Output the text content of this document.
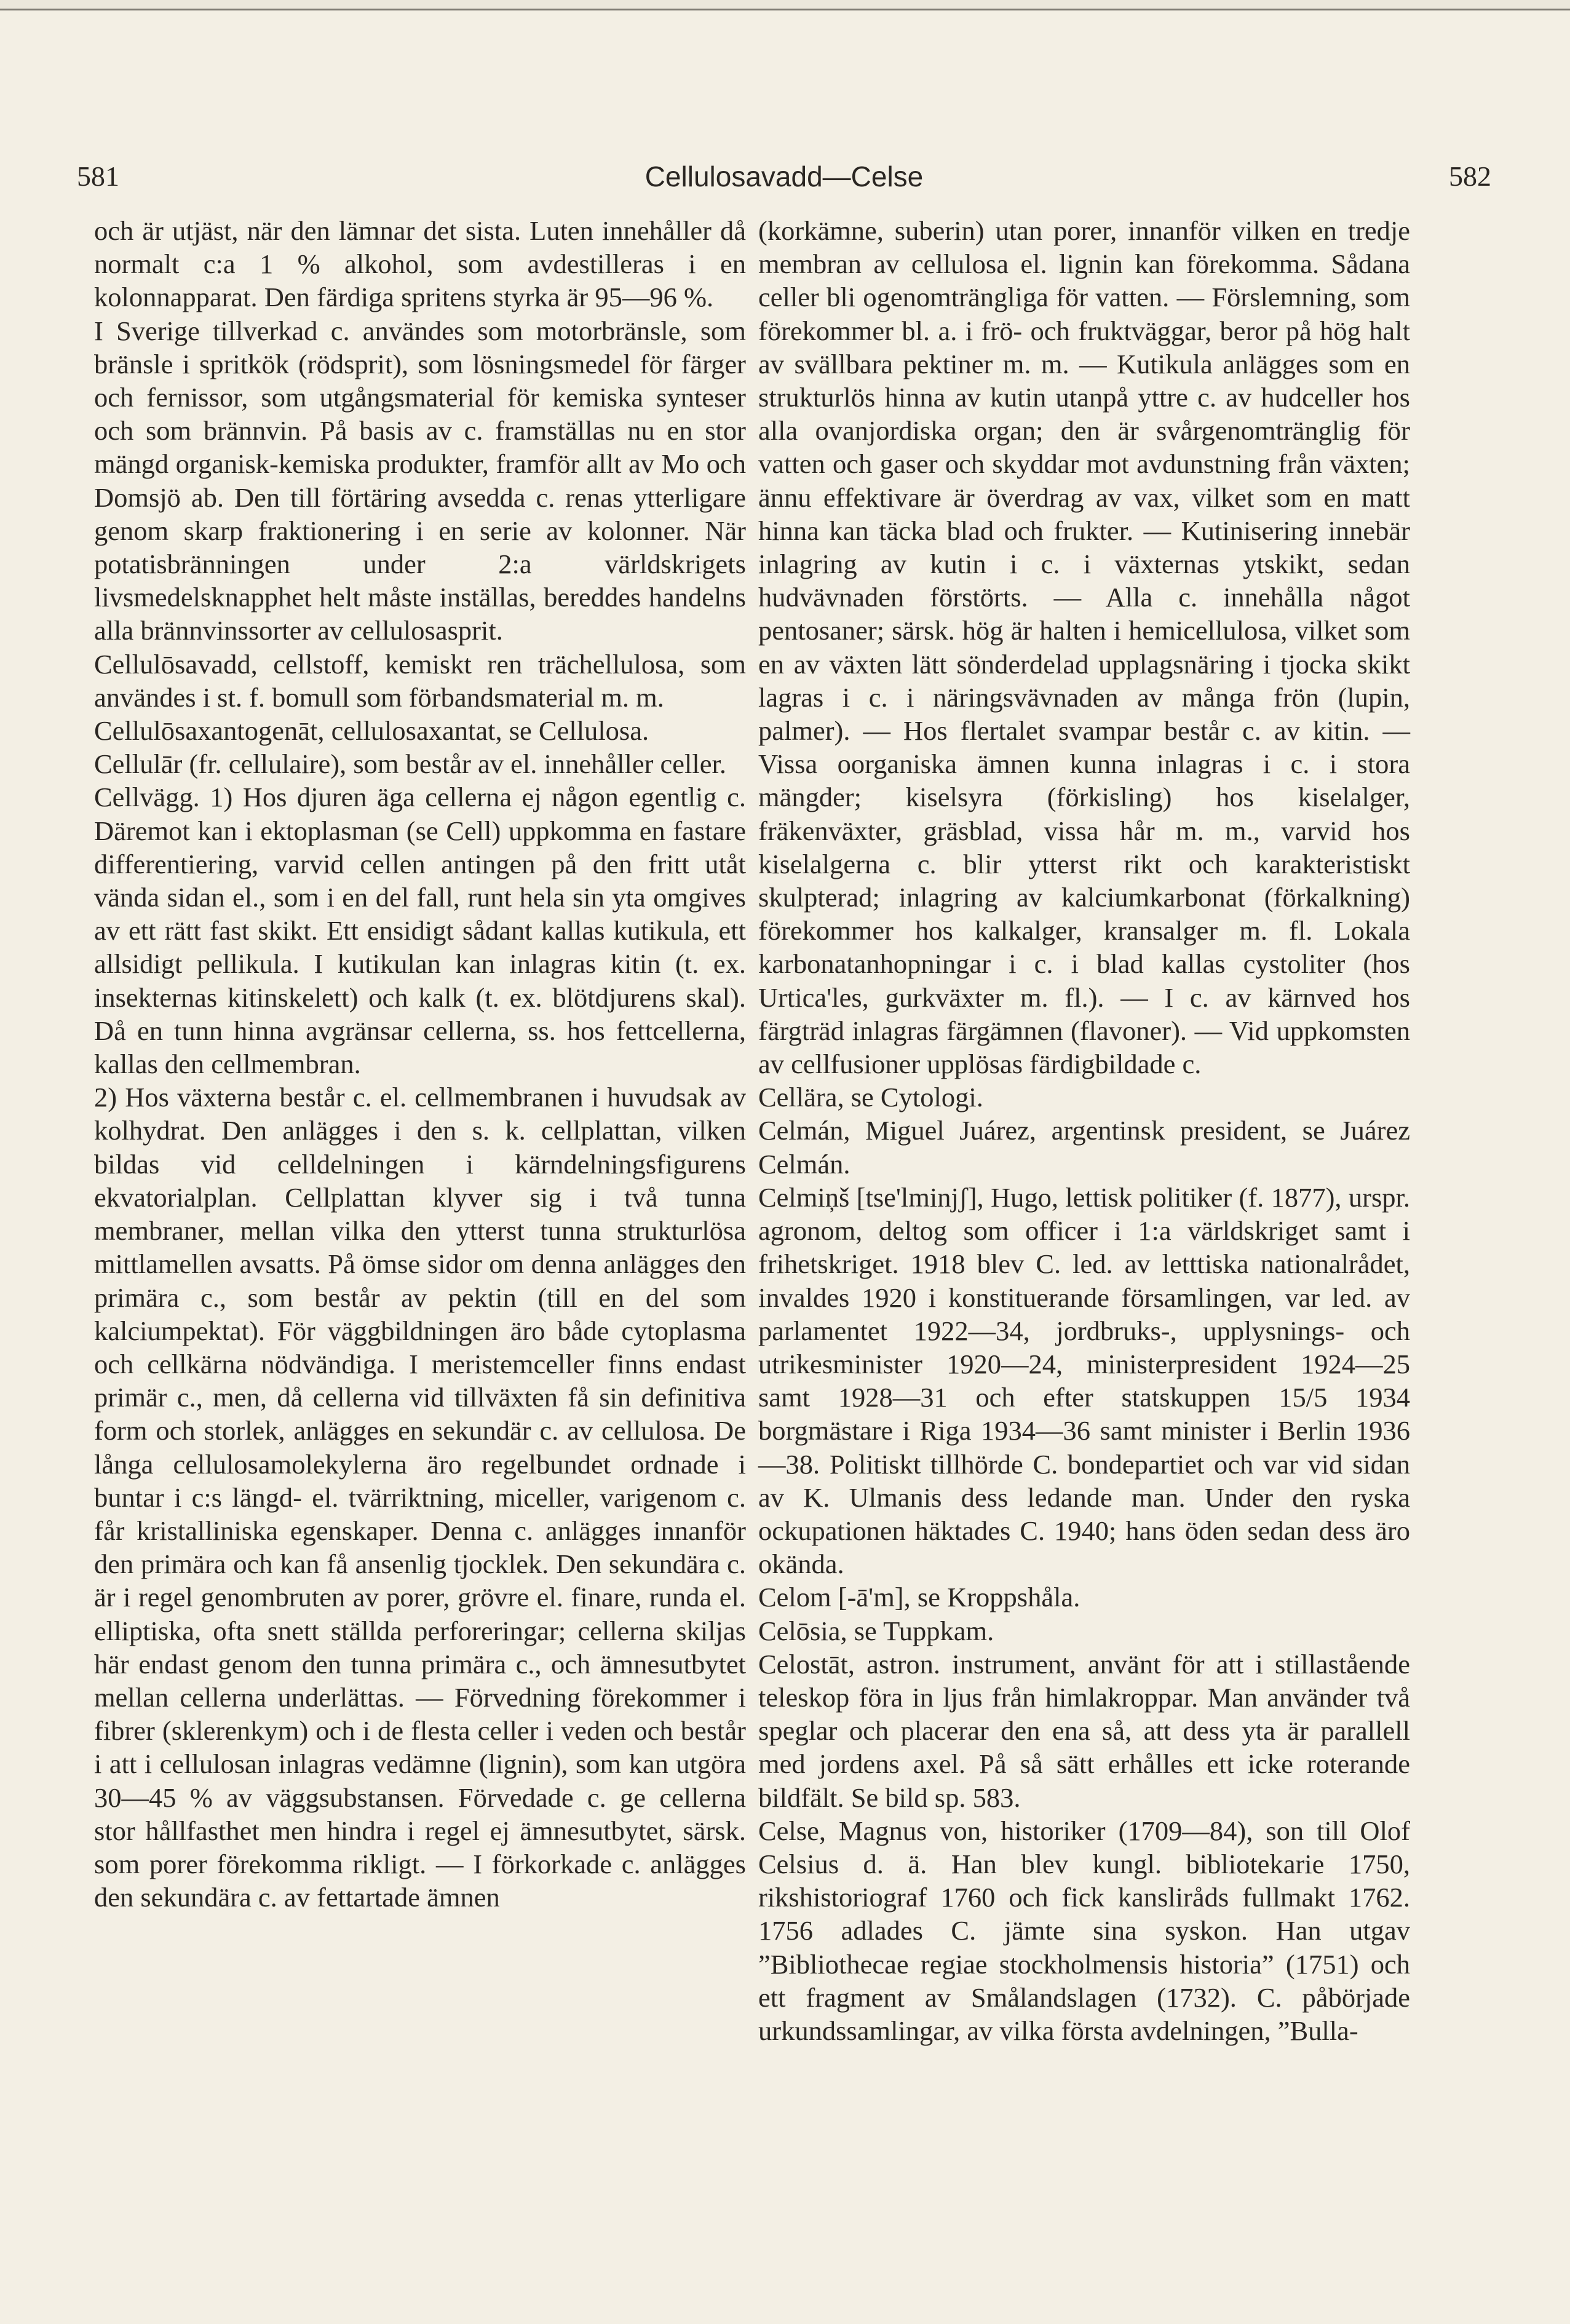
581	Cellulosavadd—Celse	582

och är utjäst, när den lämnar det sista. Luten innehåller då normalt c:a 1 % alkohol, som avdestilleras i en kolonnapparat. Den färdiga spritens styrka är 95—96 %.

I Sverige tillverkad c. användes som motorbränsle, som bränsle i spritkök (rödsprit), som lösningsmedel för färger och fernissor, som utgångsmaterial för kemiska synteser och som brännvin. På basis av c. framställas nu en stor mängd organisk-kemiska produkter, framför allt av Mo och Domsjö ab. Den till förtäring avsedda c. renas ytterligare genom skarp fraktionering i en serie av kolonner. När potatisbränningen under 2:a världskrigets livsmedelsknapphet helt måste inställas, bereddes handelns alla brännvinssorter av cellulosasprit.

Cellulōsavadd, cellstoff, kemiskt ren trächellulosa, som användes i st. f. bomull som förbandsmaterial m. m.

Cellulōsaxantogenāt, cellulosaxantat, se Cellulosa.

Cellulār (fr. cellulaire), som består av el. innehåller celler.

Cellvägg. 1) Hos djuren äga cellerna ej någon egentlig c. Däremot kan i ektoplasman (se Cell) uppkomma en fastare differentiering, varvid cellen antingen på den fritt utåt vända sidan el., som i en del fall, runt hela sin yta omgives av ett rätt fast skikt. Ett ensidigt sådant kallas kutikula, ett allsidigt pellikula. I kutikulan kan inlagras kitin (t. ex. insekternas kitinskelett) och kalk (t. ex. blötdjurens skal). Då en tunn hinna avgränsar cellerna, ss. hos fettcellerna, kallas den cellmembran.

2) Hos växterna består c. el. cellmembranen i huvudsak av kolhydrat. Den anlägges i den s. k. cellplattan, vilken bildas vid celldelningen i kärndelningsfigurens ekvatorialplan. Cellplattan klyver sig i två tunna membraner, mellan vilka den ytterst tunna strukturlösa mittlamellen avsatts. På ömse sidor om denna anlägges den primära c., som består av pektin (till en del som kalciumpektat). För väggbildningen äro både cytoplasma och cellkärna nödvändiga. I meristemceller finns endast primär c., men, då cellerna vid tillväxten få sin definitiva form och storlek, anlägges en sekundär c. av cellulosa. De långa cellulosamolekylerna äro regelbundet ordnade i buntar i c:s längd- el. tvärriktning, miceller, varigenom c. får kristalliniska egenskaper. Denna c. anlägges innanför den primära och kan få ansenlig tjocklek. Den sekundära c. är i regel genombruten av porer, grövre el. finare, runda el. elliptiska, ofta snett ställda perforeringar; cellerna skiljas här endast genom den tunna primära c., och ämnesutbytet mellan cellerna underlättas. — Förvedning förekommer i fibrer (sklerenkym) och i de flesta celler i veden och består i att i cellulosan inlagras vedämne (lignin), som kan utgöra 30—45 % av väggsubstansen. Förvedade c. ge cellerna stor hållfasthet men hindra i regel ej ämnesutbytet, särsk. som porer förekomma rikligt. — I förkorkade c. anlägges den sekundära c. av fettartade ämnen

(korkämne, suberin) utan porer, innanför vilken en tredje membran av cellulosa el. lignin kan förekomma. Sådana celler bli ogenomträngliga för vatten. — Förslemning, som förekommer bl. a. i frö- och fruktväggar, beror på hög halt av svällbara pektiner m. m. — Kutikula anlägges som en strukturlös hinna av kutin utanpå yttre c. av hudceller hos alla ovanjordiska organ; den är svårgenomtränglig för vatten och gaser och skyddar mot avdunstning från växten; ännu effektivare är överdrag av vax, vilket som en matt hinna kan täcka blad och frukter. — Kutinisering innebär inlagring av kutin i c. i växternas ytskikt, sedan hudvävnaden förstörts. — Alla c. innehålla något pentosaner; särsk. hög är halten i hemicellulosa, vilket som en av växten lätt sönderdelad upplagsnäring i tjocka skikt lagras i c. i näringsvävnaden av många frön (lupin, palmer). — Hos flertalet svampar består c. av kitin. — Vissa oorganiska ämnen kunna inlagras i c. i stora mängder; kiselsyra (förkisling) hos kiselalger, fräkenväxter, gräsblad, vissa hår m. m., varvid hos kiselalgerna c. blir ytterst rikt och karakteristiskt skulpterad; inlagring av kalciumkarbonat (förkalkning) förekommer hos kalkalger, kransalger m. fl. Lokala karbonatanhopningar i c. i blad kallas cystoliter (hos Urtica'les, gurkväxter m. fl.). — I c. av kärnved hos färgträd inlagras färgämnen (flavoner). — Vid uppkomsten av cellfusioner upplösas färdigbildade c.

Cellära, se Cytologi.

Celmán, Miguel Juárez, argentinsk president, se Juárez Celmán.

Celmiņš [tse'lminjʃ], Hugo, lettisk politiker (f. 1877), urspr. agronom, deltog som officer i 1:a världskriget samt i frihetskriget. 1918 blev C. led. av letttiska nationalrådet, invaldes 1920 i konstituerande församlingen, var led. av parlamentet 1922—34, jordbruks-, upplysnings- och utrikesminister 1920—24, ministerpresident 1924—25 samt 1928—31 och efter statskuppen 15/5 1934 borgmästare i Riga 1934—36 samt minister i Berlin 1936—38. Politiskt tillhörde C. bondepartiet och var vid sidan av K. Ulmanis dess ledande man. Under den ryska ockupationen häktades C. 1940; hans öden sedan dess äro okända.

Celom [-ā'm], se Kroppshåla.

Celōsia, se Tuppkam.

Celostāt, astron. instrument, använt för att i stillastående teleskop föra in ljus från himlakroppar. Man använder två speglar och placerar den ena så, att dess yta är parallell med jordens axel. På så sätt erhålles ett icke roterande bildfält. Se bild sp. 583.

Celse, Magnus von, historiker (1709—84), son till Olof Celsius d. ä. Han blev kungl. bibliotekarie 1750, rikshistoriograf 1760 och fick kansliråds fullmakt 1762. 1756 adlades C. jämte sina syskon. Han utgav ”Bibliothecae regiae stockholmensis historia” (1751) och ett fragment av Smålandslagen (1732). C. påbörjade urkundssamlingar, av vilka första avdelningen, ”Bulla-
